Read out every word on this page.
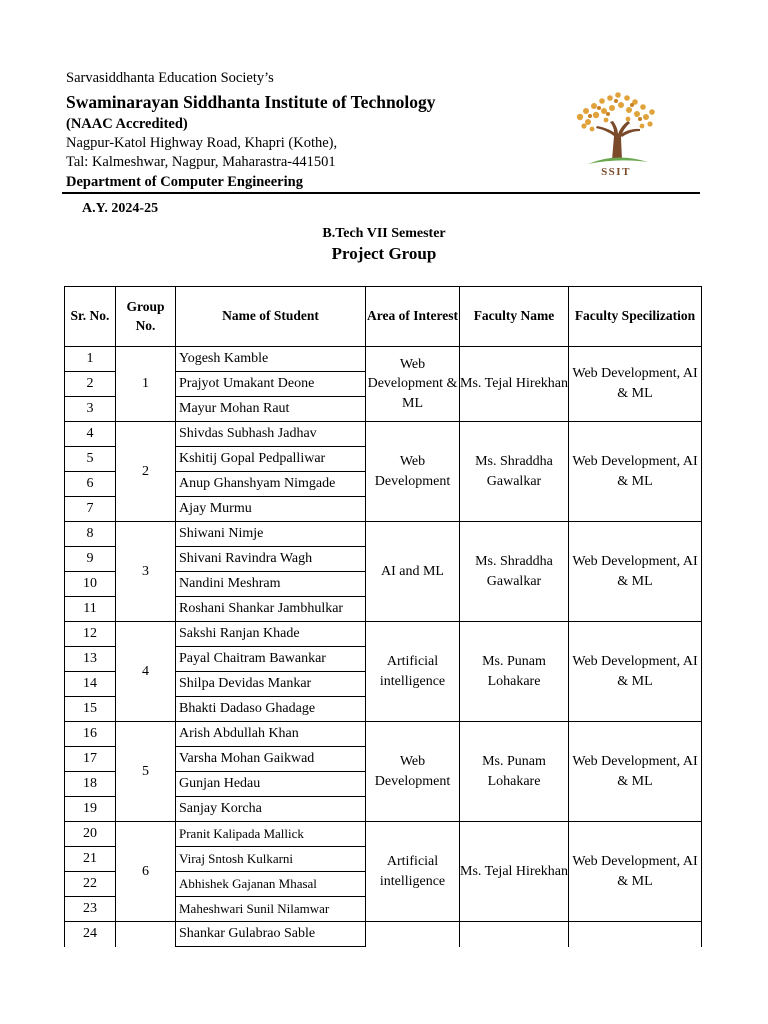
Sarvasiddhanta Education Society’s
Swaminarayan Siddhanta Institute of Technology
(NAAC Accredited)
Nagpur-Katol Highway Road, Khapri (Kothe),
Tal: Kalmeshwar, Nagpur, Maharastra-441501
Department of Computer Engineering
SSIT
A.Y. 2024-25
B.Tech VII Semester
Project Group
Sr. No.	Group No.	Name of Student	Area of Interest	Faculty Name	Faculty Specilization
1	1	Yogesh Kamble	Web Development & ML	Ms. Tejal Hirekhan	Web Development, AI & ML
2		Prajyot Umakant Deone			
3		Mayur Mohan Raut			
4	2	Shivdas Subhash Jadhav	Web Development	Ms. Shraddha Gawalkar	Web Development, AI & ML
5		Kshitij Gopal Pedpalliwar			
6		Anup Ghanshyam Nimgade			
7		Ajay Murmu			
8	3	Shiwani Nimje	AI and ML	Ms. Shraddha Gawalkar	Web Development, AI & ML
9		Shivani Ravindra Wagh			
10		Nandini Meshram			
11		Roshani Shankar Jambhulkar			
12	4	Sakshi Ranjan Khade	Artificial intelligence	Ms. Punam Lohakare	Web Development, AI & ML
13		Payal Chaitram Bawankar			
14		Shilpa Devidas Mankar			
15		Bhakti Dadaso Ghadage			
16	5	Arish Abdullah Khan	Web Development	Ms. Punam Lohakare	Web Development, AI & ML
17		Varsha Mohan Gaikwad			
18		Gunjan Hedau			
19		Sanjay Korcha			
20	6	Pranit Kalipada Mallick	Artificial intelligence	Ms. Tejal Hirekhan	Web Development, AI & ML
21		Viraj Sntosh Kulkarni			
22		Abhishek Gajanan Mhasal			
23		Maheshwari Sunil Nilamwar			
24		Shankar Gulabrao Sable			
